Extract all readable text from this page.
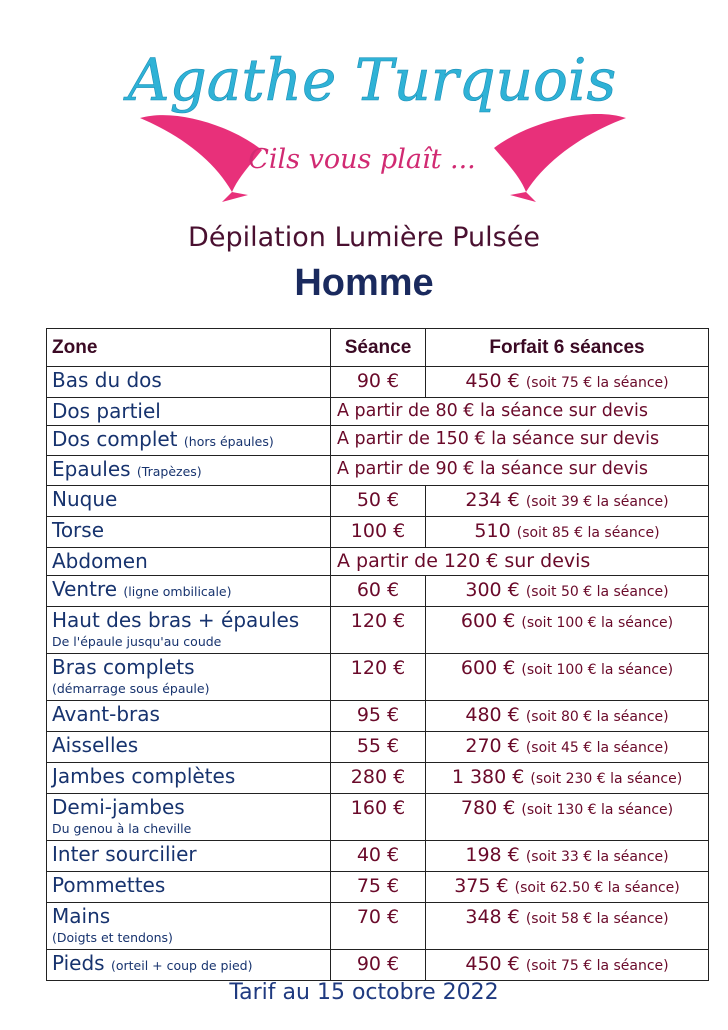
Agathe Turquois
Cils vous plaît ...
Dépilation Lumière Pulsée
Homme
Zone	Séance	Forfait 6 séances
Bas du dos	90 €	450 € (soit 75 € la séance)
Dos partiel	A partir de 80 € la séance sur devis	
Dos complet (hors épaules)	A partir de 150 € la séance sur devis	
Epaules (Trapèzes)	A partir de 90 € la séance sur devis	
Nuque	50 €	234 € (soit 39 € la séance)
Torse	100 €	510 (soit 85 € la séance)
Abdomen	A partir de 120 € sur devis	
Ventre (ligne ombilicale)	60 €	300 € (soit 50 € la séance)
Haut des bras + épaules
De l'épaule jusqu'au coude	120 €	600 € (soit 100 € la séance)
Bras complets
(démarrage sous épaule)	120 €	600 € (soit 100 € la séance)
Avant-bras	95 €	480 € (soit 80 € la séance)
Aisselles	55 €	270 € (soit 45 € la séance)
Jambes complètes	280 €	1 380 € (soit 230 € la séance)
Demi-jambes
Du genou à la cheville	160 €	780 € (soit 130 € la séance)
Inter sourcilier	40 €	198 € (soit 33 € la séance)
Pommettes	75 €	375 € (soit 62.50 € la séance)
Mains
(Doigts et tendons)	70 €	348 € (soit 58 € la séance)
Pieds (orteil + coup de pied)	90 €	450 € (soit 75 € la séance)
Tarif au 15 octobre 2022
